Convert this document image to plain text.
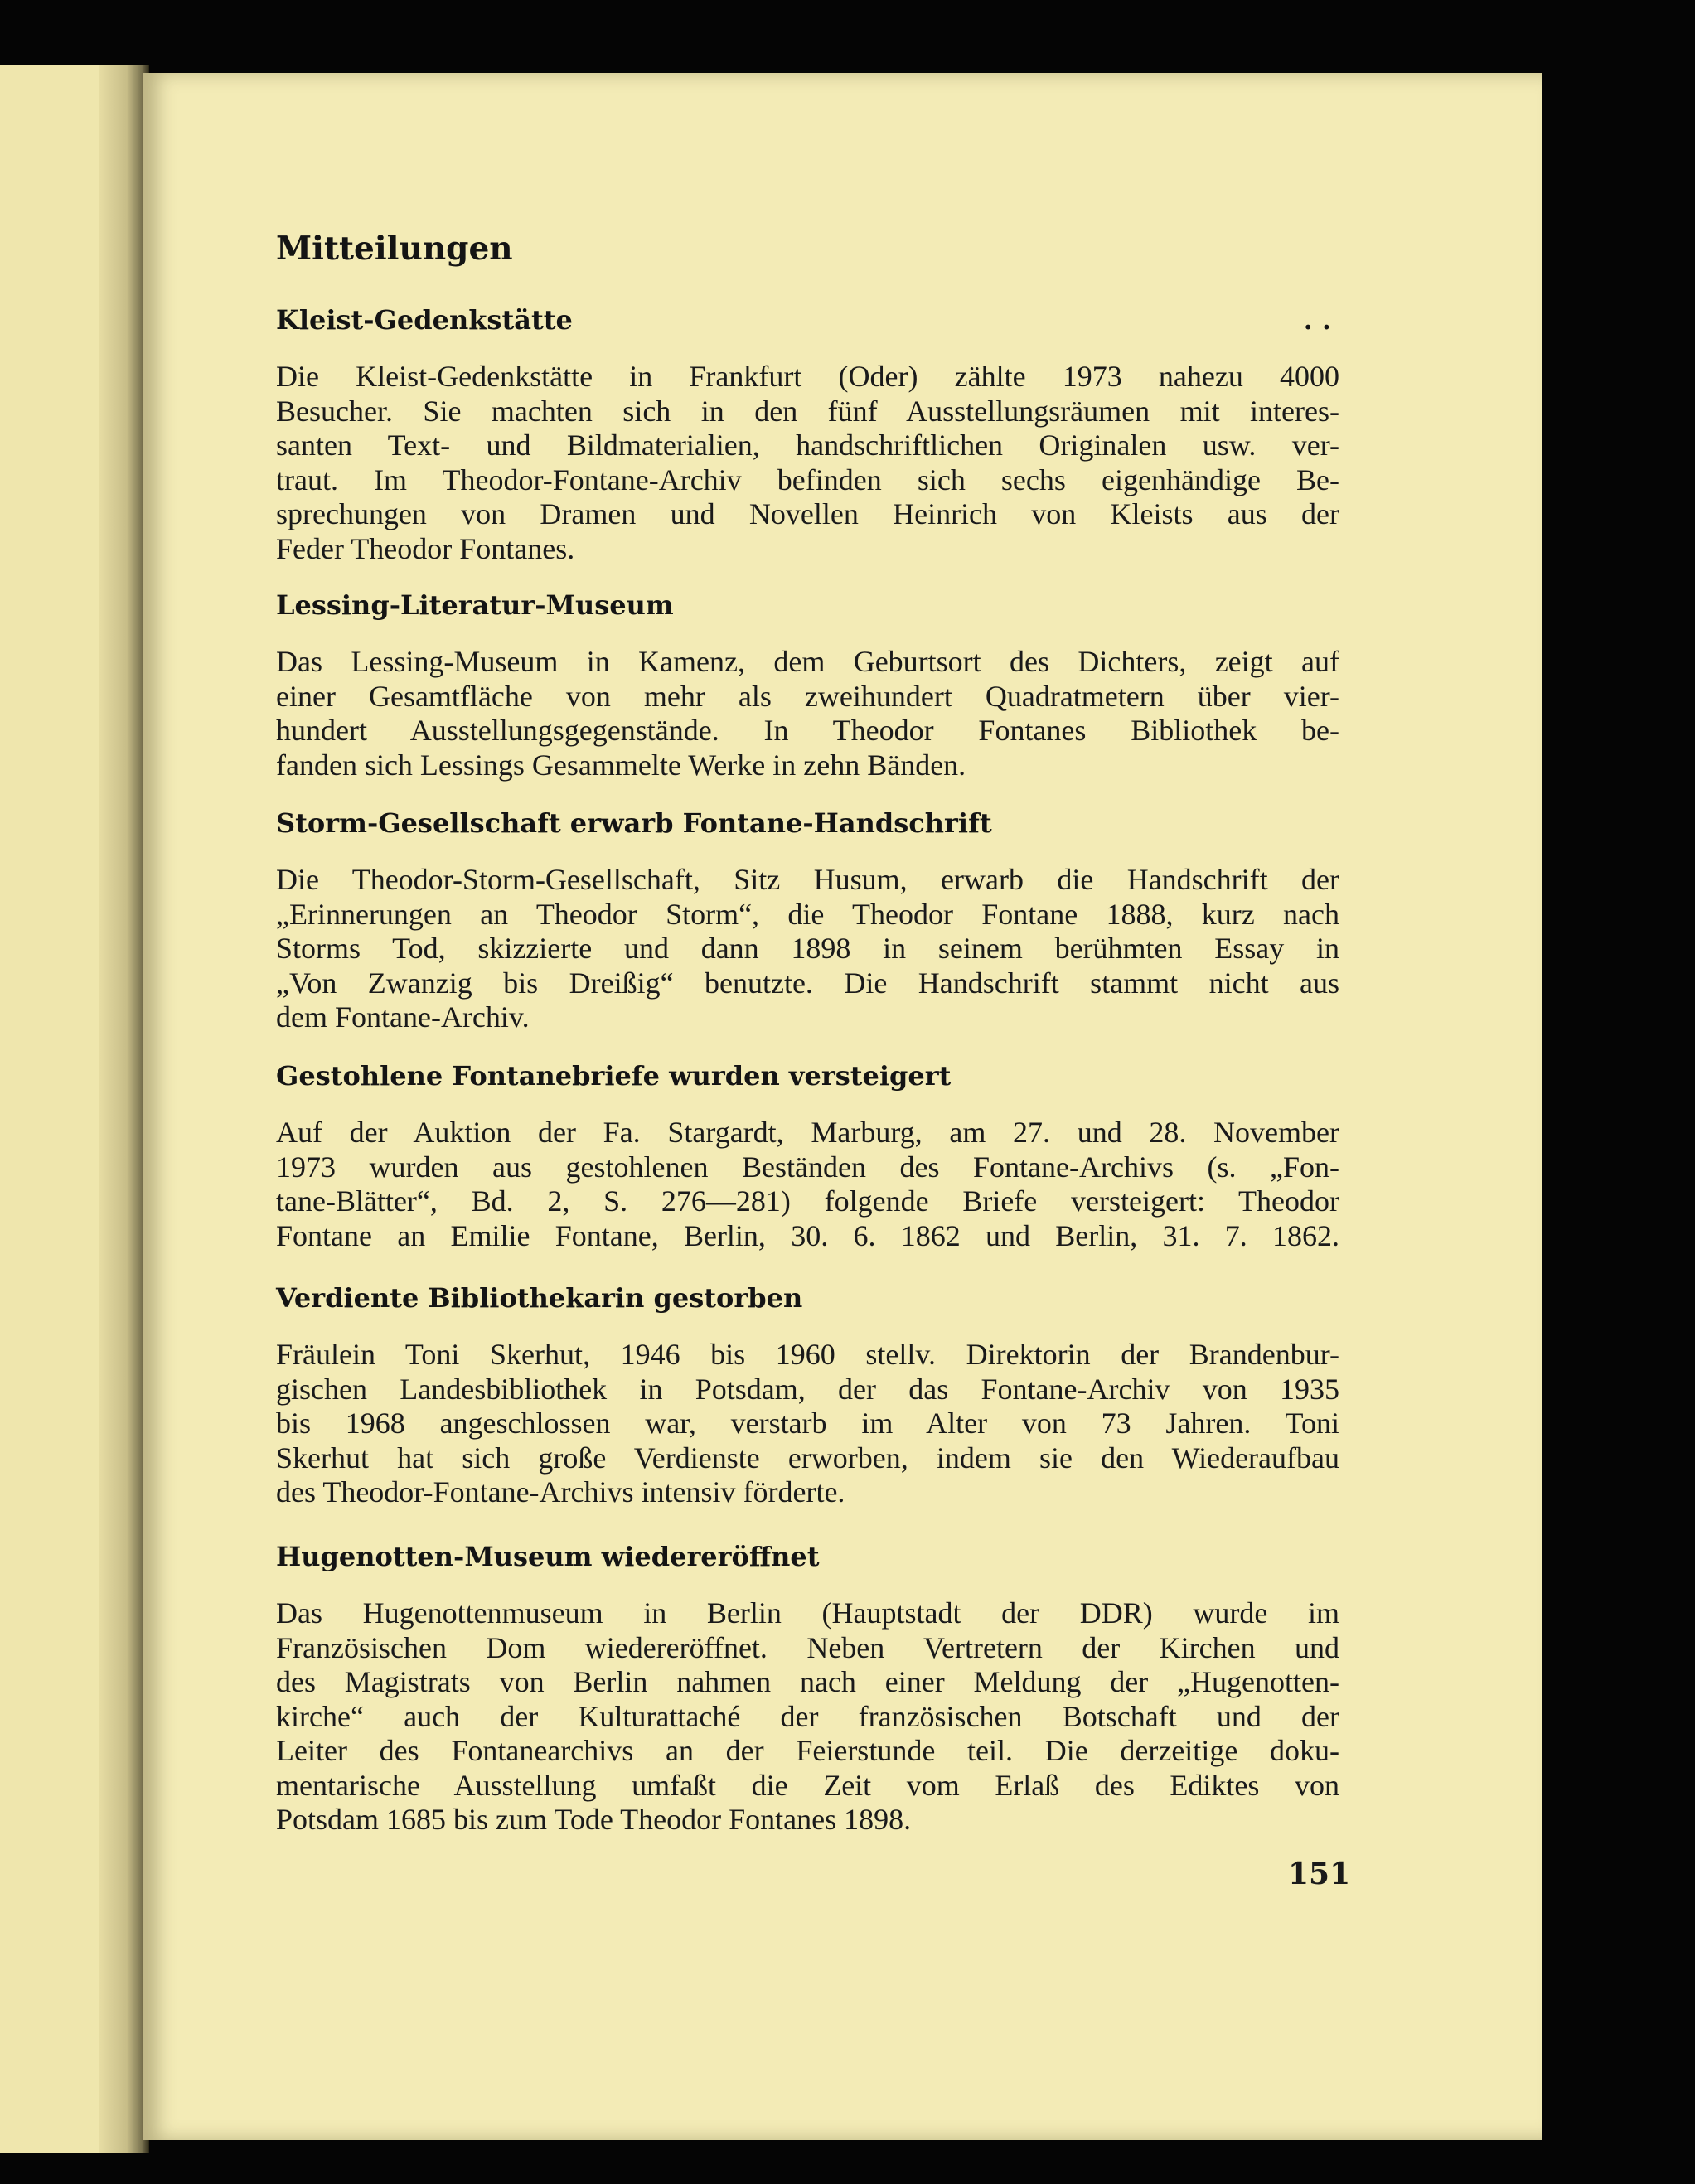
Mitteilungen
Kleist-Gedenkstätte	. .
Die Kleist-Gedenkstätte in Frankfurt (Oder) zählte 1973 nahezu 4000
Besucher. Sie machten sich in den fünf Ausstellungsräumen mit interes-
santen Text- und Bildmaterialien, handschriftlichen Originalen usw. ver-
traut. Im Theodor-Fontane-Archiv befinden sich sechs eigenhändige Be-
sprechungen von Dramen und Novellen Heinrich von Kleists aus der
Feder Theodor Fontanes.
Lessing-Literatur-Museum
Das Lessing-Museum in Kamenz, dem Geburtsort des Dichters, zeigt auf
einer Gesamtfläche von mehr als zweihundert Quadratmetern über vier-
hundert Ausstellungsgegenstände. In Theodor Fontanes Bibliothek be-
fanden sich Lessings Gesammelte Werke in zehn Bänden.
Storm-Gesellschaft erwarb Fontane-Handschrift
Die Theodor-Storm-Gesellschaft, Sitz Husum, erwarb die Handschrift der
„Erinnerungen an Theodor Storm“, die Theodor Fontane 1888, kurz nach
Storms Tod, skizzierte und dann 1898 in seinem berühmten Essay in
„Von Zwanzig bis Dreißig“ benutzte. Die Handschrift stammt nicht aus
dem Fontane-Archiv.
Gestohlene Fontanebriefe wurden versteigert
Auf der Auktion der Fa. Stargardt, Marburg, am 27. und 28. November
1973 wurden aus gestohlenen Beständen des Fontane-Archivs (s. „Fon-
tane-Blätter“, Bd. 2, S. 276—281) folgende Briefe versteigert: Theodor
Fontane an Emilie Fontane, Berlin, 30. 6. 1862 und Berlin, 31. 7. 1862.
Verdiente Bibliothekarin gestorben
Fräulein Toni Skerhut, 1946 bis 1960 stellv. Direktorin der Brandenbur-
gischen Landesbibliothek in Potsdam, der das Fontane-Archiv von 1935
bis 1968 angeschlossen war, verstarb im Alter von 73 Jahren. Toni
Skerhut hat sich große Verdienste erworben, indem sie den Wiederaufbau
des Theodor-Fontane-Archivs intensiv förderte.
Hugenotten-Museum wiedereröffnet
Das Hugenottenmuseum in Berlin (Hauptstadt der DDR) wurde im
Französischen Dom wiedereröffnet. Neben Vertretern der Kirchen und
des Magistrats von Berlin nahmen nach einer Meldung der „Hugenotten-
kirche“ auch der Kulturattaché der französischen Botschaft und der
Leiter des Fontanearchivs an der Feierstunde teil. Die derzeitige doku-
mentarische Ausstellung umfaßt die Zeit vom Erlaß des Ediktes von
Potsdam 1685 bis zum Tode Theodor Fontanes 1898.
151
